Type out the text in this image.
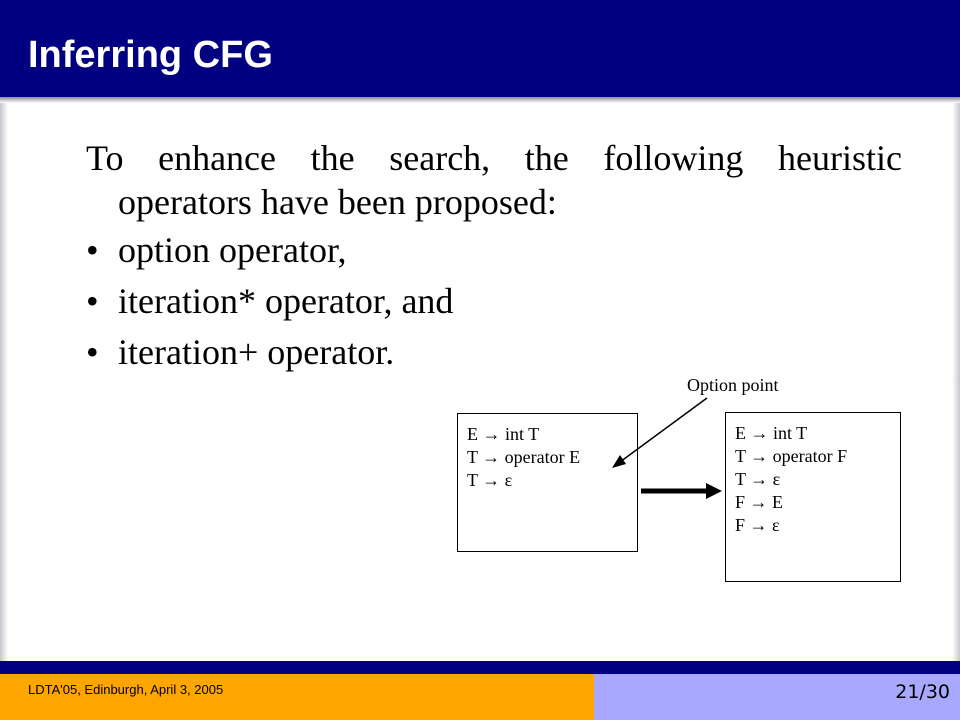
Inferring CFG

To enhance the search, the following heuristic

operators have been proposed:

• option operator,
• iteration* operator, and
• iteration+ operator.
Option point
E → int T
T → operator E
T → ε
E → int T
T → operator F
T → ε
F → E
F → ε

LDTA'05, Edinburgh, April 3, 2005	21/30
